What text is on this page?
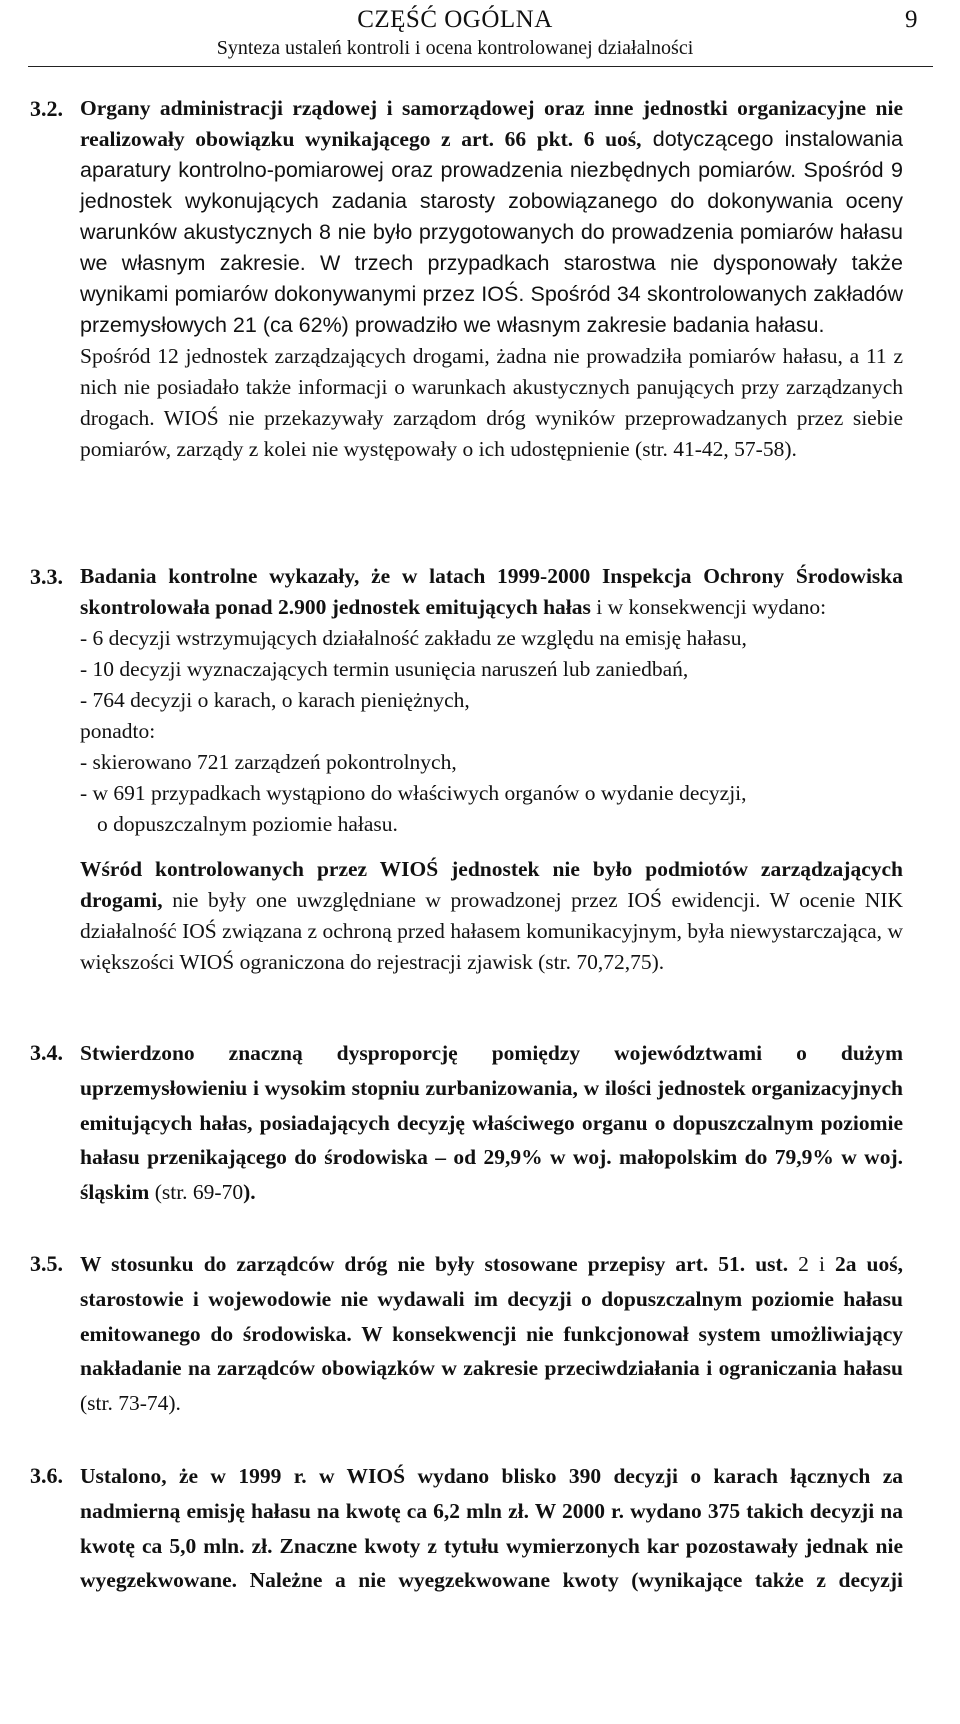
CZĘŚĆ OGÓLNA
Synteza ustaleń kontroli i ocena kontrolowanej działalności
9
3.2. Organy administracji rządowej i samorządowej oraz inne jednostki organizacyjne nie realizowały obowiązku wynikającego z art. 66 pkt. 6 uoś, dotyczącego instalowania aparatury kontrolno-pomiarowej oraz prowadzenia niezbędnych pomiarów. Spośród 9 jednostek wykonujących zadania starosty zobowiązanego do dokonywania oceny warunków akustycznych 8 nie było przygotowanych do prowadzenia pomiarów hałasu we własnym zakresie. W trzech przypadkach starostwa nie dysponowały także wynikami pomiarów dokonywanymi przez IOŚ. Spośród 34 skontrolowanych zakładów przemysłowych 21 (ca 62%) prowadziło we własnym zakresie badania hałasu.

Spośród 12 jednostek zarządzających drogami, żadna nie prowadziła pomiarów hałasu, a 11 z nich nie posiadało także informacji o warunkach akustycznych panujących przy zarządzanych drogach. WIOŚ nie przekazywały zarządom dróg wyników przeprowadzanych przez siebie pomiarów, zarządy z kolei nie występowały o ich udostępnienie (str. 41-42, 57-58).

3.3. Badania kontrolne wykazały, że w latach 1999-2000 Inspekcja Ochrony Środowiska skontrolowała ponad 2.900 jednostek emitujących hałas i w konsekwencji wydano:

- 6 decyzji wstrzymujących działalność zakładu ze względu na emisję hałasu,
- 10 decyzji wyznaczających termin usunięcia naruszeń lub zaniedbań,
- 764 decyzji o karach, o karach pieniężnych,
ponadto:
- skierowano 721 zarządzeń pokontrolnych,
- w 691 przypadkach wystąpiono do właściwych organów o wydanie decyzji,
o dopuszczalnym poziomie hałasu.

Wśród kontrolowanych przez WIOŚ jednostek nie było podmiotów zarządzających drogami, nie były one uwzględniane w prowadzonej przez IOŚ ewidencji. W ocenie NIK działalność IOŚ związana z ochroną przed hałasem komunikacyjnym, była niewystarczająca, w większości WIOŚ ograniczona do rejestracji zjawisk (str. 70,72,75).

3.4. Stwierdzono znaczną dysproporcję pomiędzy województwami o dużym uprzemysłowieniu i wysokim stopniu zurbanizowania, w ilości jednostek organizacyjnych emitujących hałas, posiadających decyzję właściwego organu o dopuszczalnym poziomie hałasu przenikającego do środowiska – od 29,9% w woj. małopolskim do 79,9% w woj. śląskim (str. 69-70).

3.5. W stosunku do zarządców dróg nie były stosowane przepisy art. 51. ust. 2 i 2a uoś, starostowie i wojewodowie nie wydawali im decyzji o dopuszczalnym poziomie hałasu emitowanego do środowiska. W konsekwencji nie funkcjonował system umożliwiający nakładanie na zarządców obowiązków w zakresie przeciwdziałania i ograniczania hałasu (str. 73-74).

3.6. Ustalono, że w 1999 r. w WIOŚ wydano blisko 390 decyzji o karach łącznych za nadmierną emisję hałasu na kwotę ca 6,2 mln zł. W 2000 r. wydano 375 takich decyzji na kwotę ca 5,0 mln. zł. Znaczne kwoty z tytułu wymierzonych kar pozostawały jednak nie wyegzekwowane. Należne a nie wyegzekwowane kwoty (wynikające także z decyzji
